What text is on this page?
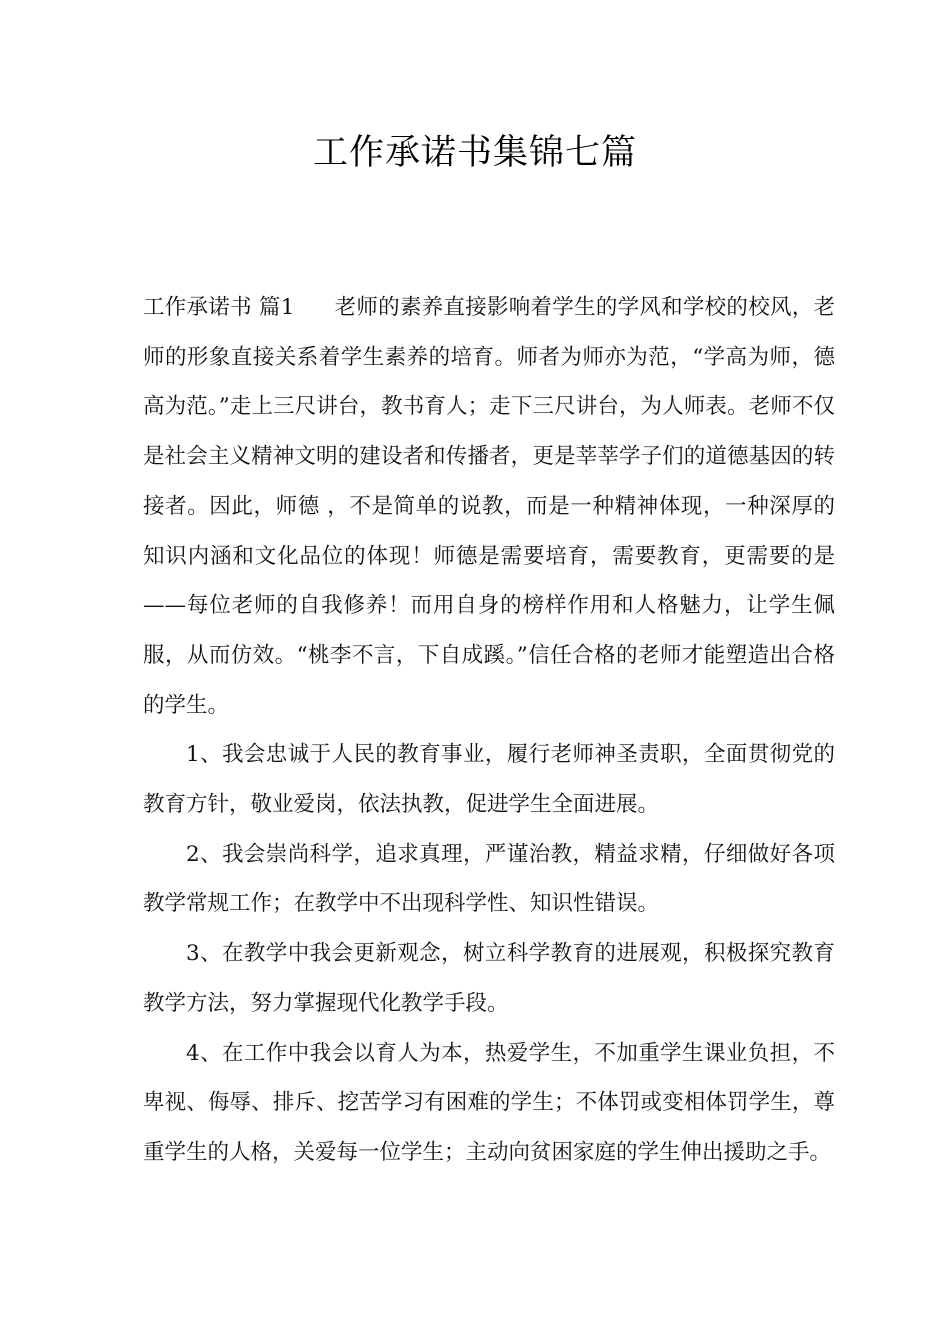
工作承诺书集锦七篇

工作承诺书 篇1 老师的素养直接影响着学生的学风和学校的校风，老师的形象直接关系着学生素养的培育。师者为师亦为范，“学高为师，德高为范。”走上三尺讲台，教书育人；走下三尺讲台，为人师表。老师不仅是社会主义精神文明的建设者和传播者，更是莘莘学子们的道德基因的转接者。因此，师德 ，不是简单的说教，而是一种精神体现，一种深厚的知识内涵和文化品位的体现！师德是需要培育，需要教育，更需要的是——每位老师的自我修养！而用自身的榜样作用和人格魅力，让学生佩服，从而仿效。“桃李不言，下自成蹊。”信任合格的老师才能塑造出合格的学生。

1、我会忠诚于人民的教育事业，履行老师神圣责职，全面贯彻党的教育方针，敬业爱岗，依法执教，促进学生全面进展。

2、我会崇尚科学，追求真理，严谨治教，精益求精，仔细做好各项教学常规工作；在教学中不出现科学性、知识性错误。

3、在教学中我会更新观念，树立科学教育的进展观，积极探究教育教学方法，努力掌握现代化教学手段。

4、在工作中我会以育人为本，热爱学生，不加重学生课业负担，不卑视、侮辱、排斥、挖苦学习有困难的学生；不体罚或变相体罚学生，尊重学生的人格，关爱每一位学生；主动向贫困家庭的学生伸出援助之手。
